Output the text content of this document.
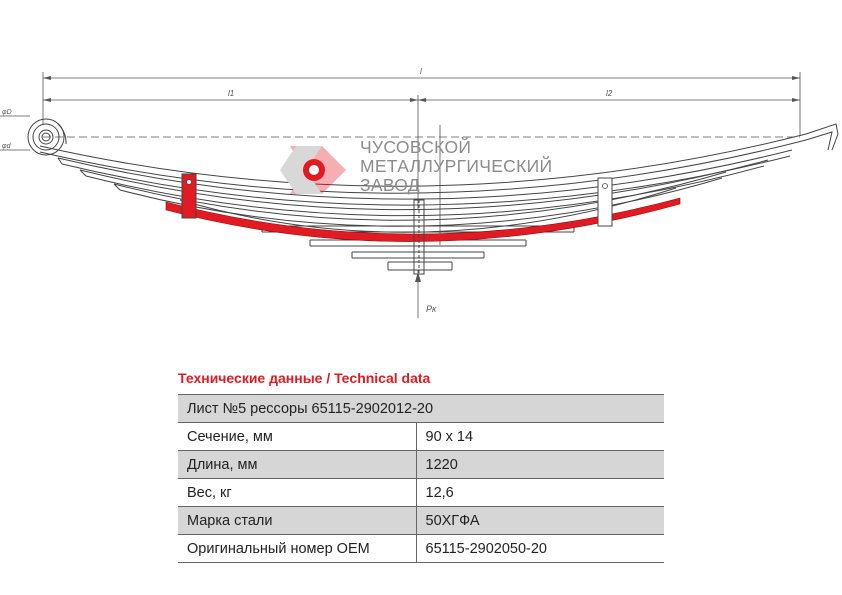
l
l1	l2
φD
φd
Pк
ЧУСОВСКОЙ
МЕТАЛЛУРГИЧЕСКИЙ
ЗАВОД
Технические данные / Technical data
Лист №5 рессоры 65115-2902012-20	
Сечение, мм	90 x 14
Длина, мм	1220
Вес, кг	12,6
Марка стали	50ХГФА
Оригинальный номер OEM	65115-2902050-20
